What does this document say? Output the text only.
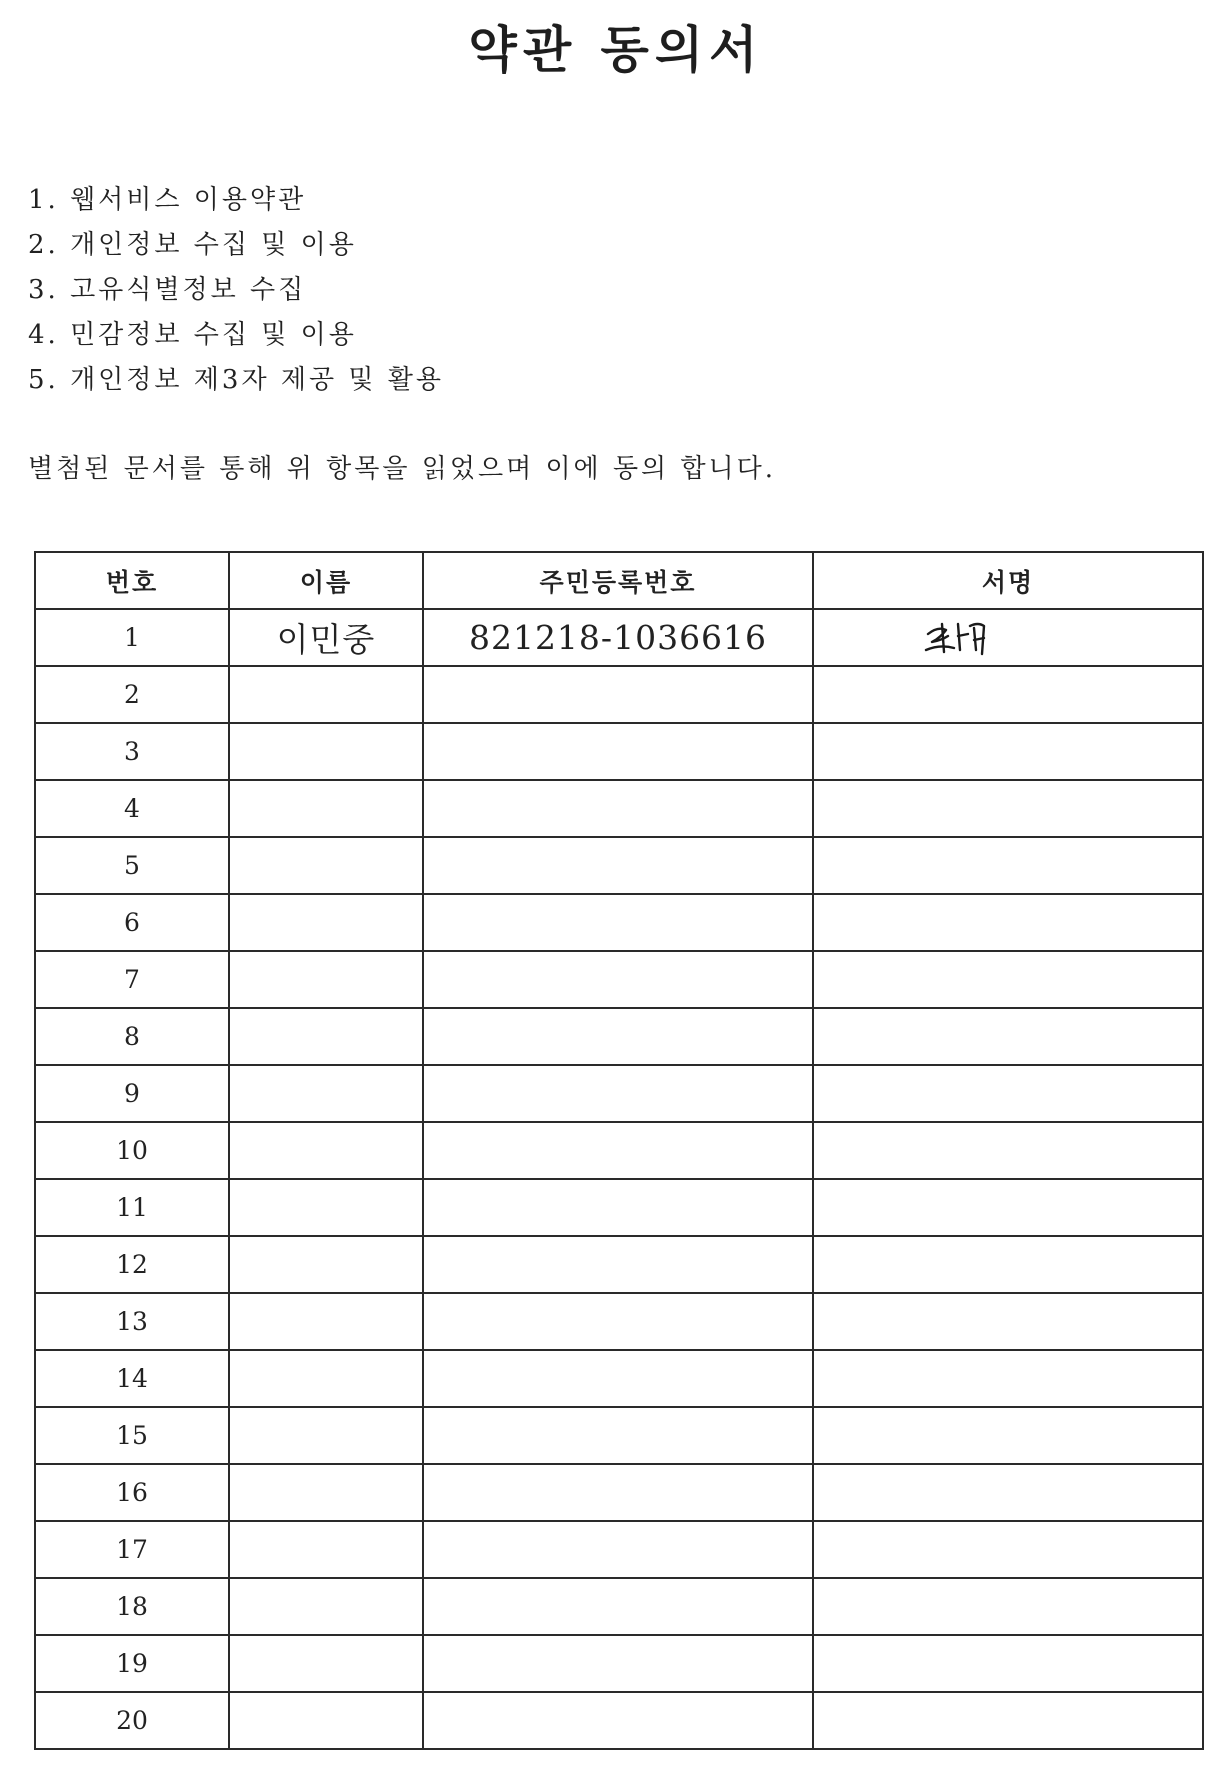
약관 동의서
1. 웹서비스 이용약관
2. 개인정보 수집 및 이용
3. 고유식별정보 수집
4. 민감정보 수집 및 이용
5. 개인정보 제3자 제공 및 활용
별첨된 문서를 통해 위 항목을 읽었으며 이에 동의 합니다.
번호	이름	주민등록번호	서명
1	이민중	821218-1036616	
2			
3			
4			
5			
6			
7			
8			
9			
10			
11			
12			
13			
14			
15			
16			
17			
18			
19			
20			
